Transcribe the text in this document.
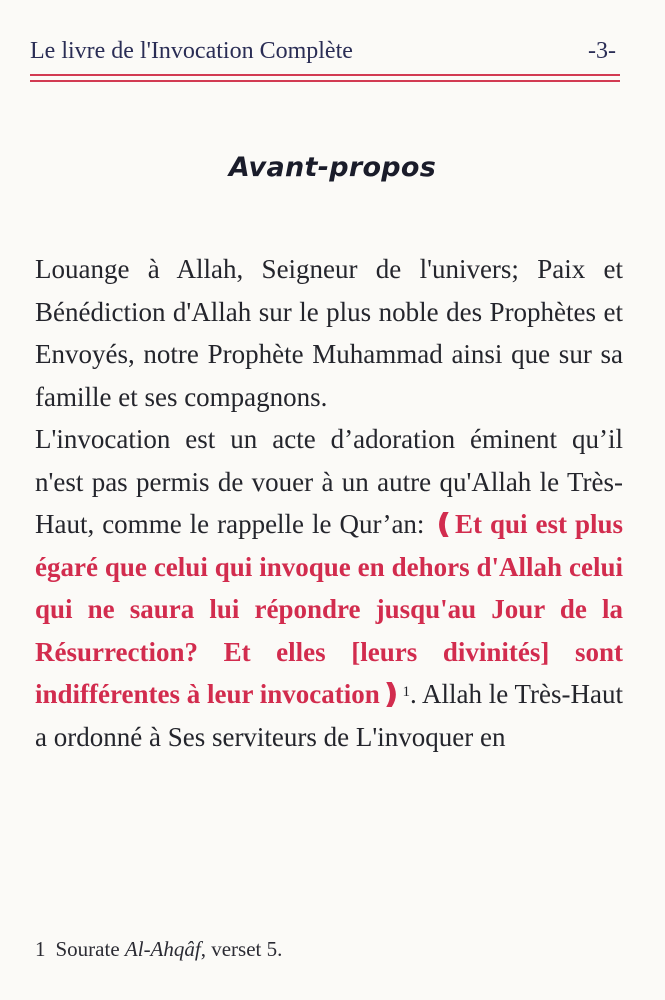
Le livre de l'Invocation Complète	-3-
Avant-propos

Louange à Allah, Seigneur de l'univers; Paix et Bénédiction d'Allah sur le plus noble des Prophètes et Envoyés, notre Prophète Muhammad ainsi que sur sa famille et ses compagnons.

L'invocation est un acte d’adoration éminent qu’il n'est pas permis de vouer à un autre qu'Allah le Très-Haut, comme le rappelle le Qur’an: ❪Et qui est plus égaré que celui qui invoque en dehors d'Allah celui qui ne saura lui répondre jusqu'au Jour de la Résurrection? Et elles [leurs divinités] sont indifférentes à leur invocation❫$^1$. Allah le Très-Haut a ordonné à Ses serviteurs de L'invoquer en

1 Sourate Al-Ahqâf, verset 5.
